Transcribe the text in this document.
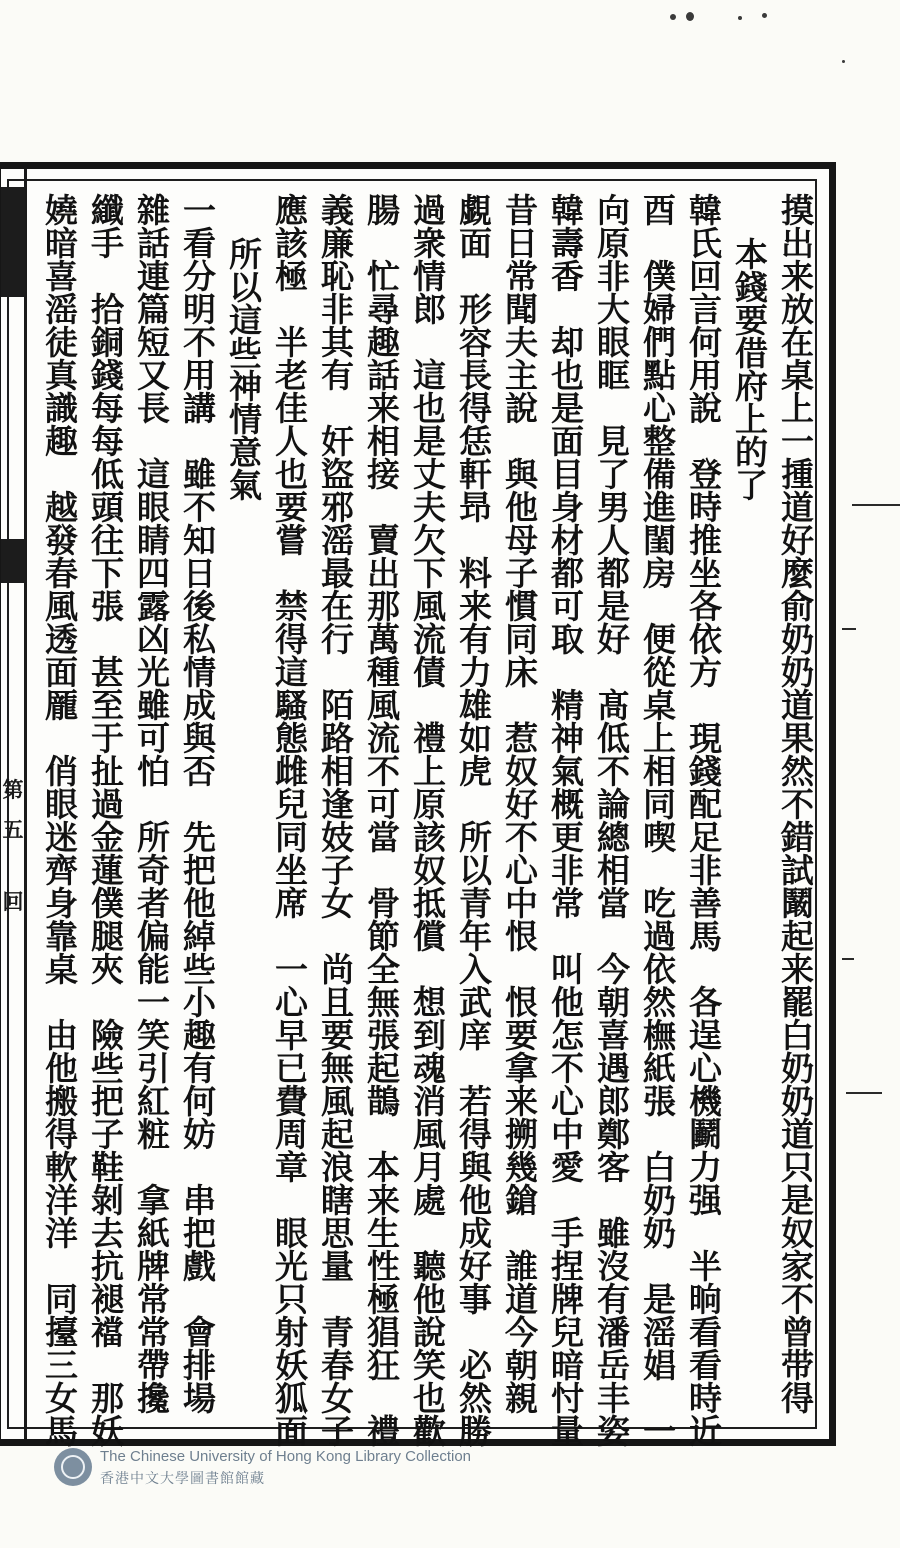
第
五
回	摸出来放在桌上一揰道好麼俞奶奶道果然不錯試鬫起来罷白奶奶道只是奴家不曾带得
本錢要借府上的了
韓氏回言何用說　登時推坐各依方　現錢配足非善馬　各逞心機鬬力强　半晌看看時近
酉　僕婦們點心整備進閨房　便從桌上相同喫　吃過依然橅紙張　白奶奶　是滛娼　一
向原非大眼眶　見了男人都是好　髙低不論總相當　今朝喜遇郎鄭客　雖沒有潘岳丰姿
韓壽香　却也是面目身材都可取　精神氣概更非常　叫他怎不心中愛　手捏牌兒暗忖量
昔日常聞夫主說　與他母子慣同床　惹奴好不心中恨　恨要拿来搠幾鎗　誰道今朝親
覷面　形容長得恁軒昻　料来有力雄如虎　所以青年入武庠　若得與他成好事　必然勝
過衆情郎　這也是丈夫欠下風流債　禮上原該奴抵償　想到魂消風月處　聽他說笑也歡
腸　忙尋趣話来相接　賣出那萬種風流不可當　骨節全無張起鵲　本来生性極猖狂　禮
義廉恥非其有　奸盜邪滛最在行　陌路相逢妓子女　尚且要無風起浪瞎思量　青春女子
應該極　半老佳人也要嘗　禁得這騷態雌兒同坐席　一心早已費周章　眼光只射妖狐面
所以這些神情意氣
一看分明不用講　雖不知日後私情成與否　先把他綽些小趣有何妨　串把戲　會排場
雜話連篇短又長　這眼睛四露凶光雖可怕　所奇者偏能一笑引紅粧　拿紙牌常常帶攙
纖手　拾銅錢每每低頭往下張　甚至于扯過金蓮僕腿夾　險些把子鞋剝去抗褪襠　那妖
嬈暗喜滛徒真識趣　越發春風透面龎　俏眼迷齊身靠桌　由他搬得軟洋洋　同擡三女馬
The Chinese University of Hong Kong Library Collection
香港中文大學圖書館館藏
